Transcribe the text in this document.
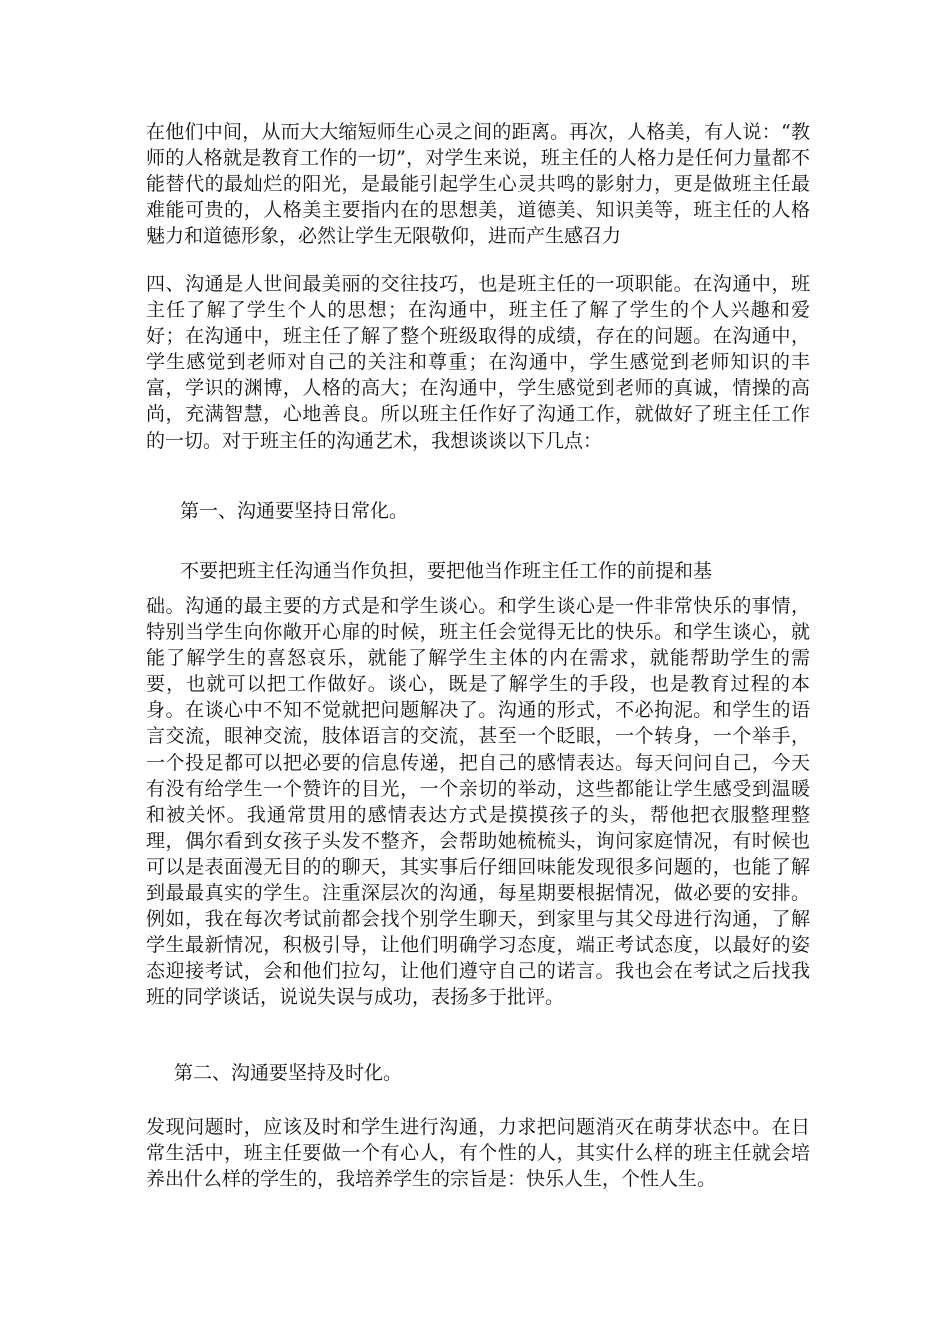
在他们中间，从而大大缩短师生心灵之间的距离。再次，人格美，有人说：“教师的人格就是教育工作的一切”，对学生来说，班主任的人格力是任何力量都不能替代的最灿烂的阳光，是最能引起学生心灵共鸣的影射力，更是做班主任最难能可贵的，人格美主要指内在的思想美，道德美、知识美等，班主任的人格魅力和道德形象，必然让学生无限敬仰，进而产生感召力

四、沟通是人世间最美丽的交往技巧，也是班主任的一项职能。在沟通中，班主任了解了学生个人的思想；在沟通中，班主任了解了学生的个人兴趣和爱好；在沟通中，班主任了解了整个班级取得的成绩，存在的问题。在沟通中，学生感觉到老师对自己的关注和尊重；在沟通中，学生感觉到老师知识的丰富，学识的渊博，人格的高大；在沟通中，学生感觉到老师的真诚，情操的高尚，充满智慧，心地善良。所以班主任作好了沟通工作，就做好了班主任工作的一切。对于班主任的沟通艺术，我想谈谈以下几点：

第一、沟通要坚持日常化。

不要把班主任沟通当作负担，要把他当作班主任工作的前提和基

础。沟通的最主要的方式是和学生谈心。和学生谈心是一件非常快乐的事情，特别当学生向你敞开心扉的时候，班主任会觉得无比的快乐。和学生谈心，就能了解学生的喜怒哀乐，就能了解学生主体的内在需求，就能帮助学生的需要，也就可以把工作做好。谈心，既是了解学生的手段，也是教育过程的本身。在谈心中不知不觉就把问题解决了。沟通的形式，不必拘泥。和学生的语言交流，眼神交流，肢体语言的交流，甚至一个眨眼，一个转身，一个举手，一个投足都可以把必要的信息传递，把自己的感情表达。每天问问自己，今天有没有给学生一个赞许的目光，一个亲切的举动，这些都能让学生感受到温暖和被关怀。我通常贯用的感情表达方式是摸摸孩子的头，帮他把衣服整理整理，偶尔看到女孩子头发不整齐，会帮助她梳梳头，询问家庭情况，有时候也可以是表面漫无目的的聊天，其实事后仔细回味能发现很多问题的，也能了解到最最真实的学生。注重深层次的沟通，每星期要根据情况，做必要的安排。例如，我在每次考试前都会找个别学生聊天，到家里与其父母进行沟通，了解学生最新情况，积极引导，让他们明确学习态度，端正考试态度，以最好的姿态迎接考试，会和他们拉勾，让他们遵守自己的诺言。我也会在考试之后找我班的同学谈话，说说失误与成功，表扬多于批评。

第二、沟通要坚持及时化。

发现问题时，应该及时和学生进行沟通，力求把问题消灭在萌芽状态中。在日常生活中，班主任要做一个有心人，有个性的人，其实什么样的班主任就会培养出什么样的学生的，我培养学生的宗旨是：快乐人生，个性人生。
